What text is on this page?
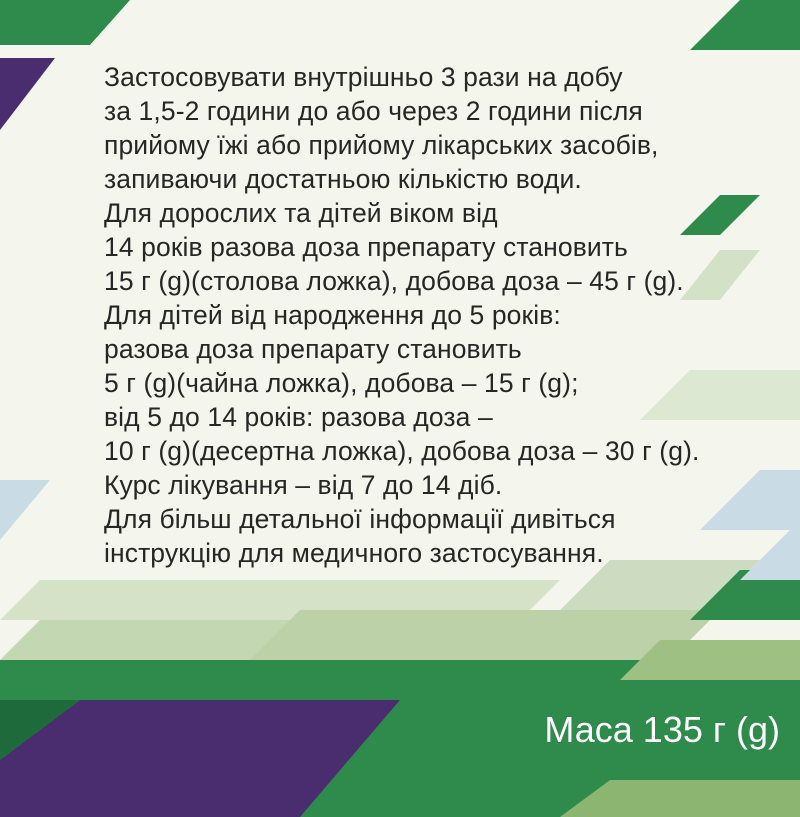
Застосовувати внутрішньо 3 рази на добу
за 1,5-2 години до або через 2 години після
прийому їжі або прийому лікарських засобів,
запиваючи достатньою кількістю води.
Для дорослих та дітей віком від
14 років разова доза препарату становить
15 г (g)(столова ложка), добова доза – 45 г (g).
Для дітей від народження до 5 років:
разова доза препарату становить
5 г (g)(чайна ложка), добова – 15 г (g);
від 5 до 14 років: разова доза –
10 г (g)(десертна ложка), добова доза – 30 г (g).
Курс лікування – від 7 до 14 діб.
Для більш детальної інформації дивіться
інструкцію для медичного застосування.
Маса 135 г (g)
